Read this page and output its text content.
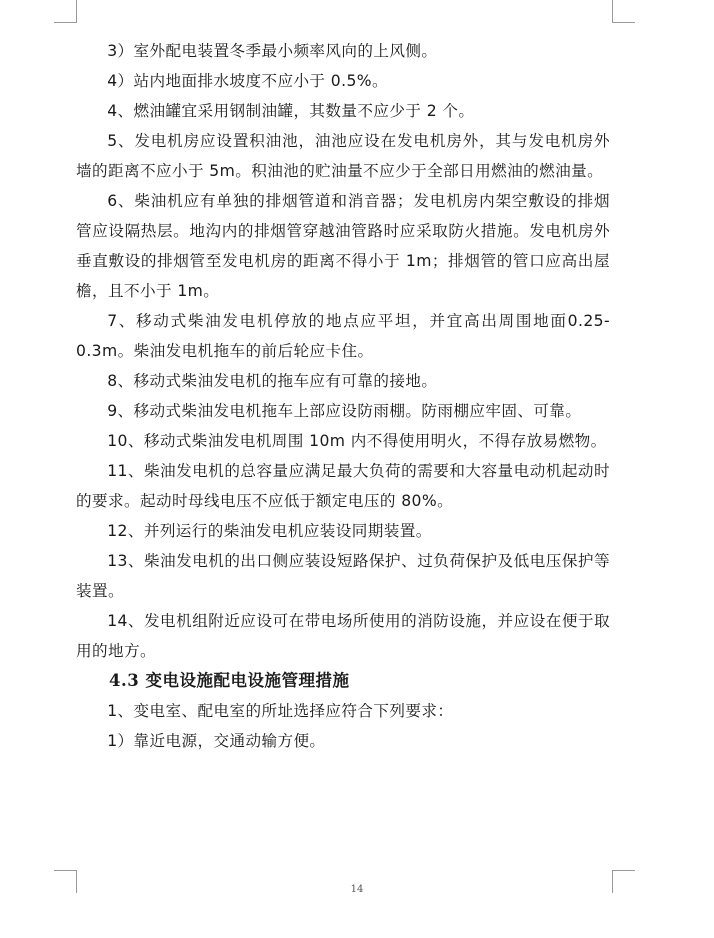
3）室外配电装置冬季最小频率风向的上风侧。

4）站内地面排水坡度不应小于 0.5%。

4、燃油罐宜采用钢制油罐，其数量不应少于 2 个。

5、发电机房应设置积油池，油池应设在发电机房外，其与发电机房外墙的距离不应小于 5m。积油池的贮油量不应少于全部日用燃油的燃油量。

6、柴油机应有单独的排烟管道和消音器；发电机房内架空敷设的排烟管应设隔热层。地沟内的排烟管穿越油管路时应采取防火措施。发电机房外垂直敷设的排烟管至发电机房的距离不得小于 1m；排烟管的管口应高出屋檐，且不小于 1m。

7、移动式柴油发电机停放的地点应平坦，并宜高出周围地面0.25-0.3m。柴油发电机拖车的前后轮应卡住。

8、移动式柴油发电机的拖车应有可靠的接地。

9、移动式柴油发电机拖车上部应设防雨棚。防雨棚应牢固、可靠。

10、移动式柴油发电机周围 10m 内不得使用明火，不得存放易燃物。

11、柴油发电机的总容量应满足最大负荷的需要和大容量电动机起动时的要求。起动时母线电压不应低于额定电压的 80%。

12、并列运行的柴油发电机应装设同期装置。

13、柴油发电机的出口侧应装设短路保护、过负荷保护及低电压保护等装置。

14、发电机组附近应设可在带电场所使用的消防设施，并应设在便于取用的地方。

4.3 变电设施配电设施管理措施

1、变电室、配电室的所址选择应符合下列要求：

1）靠近电源，交通动输方便。

14
